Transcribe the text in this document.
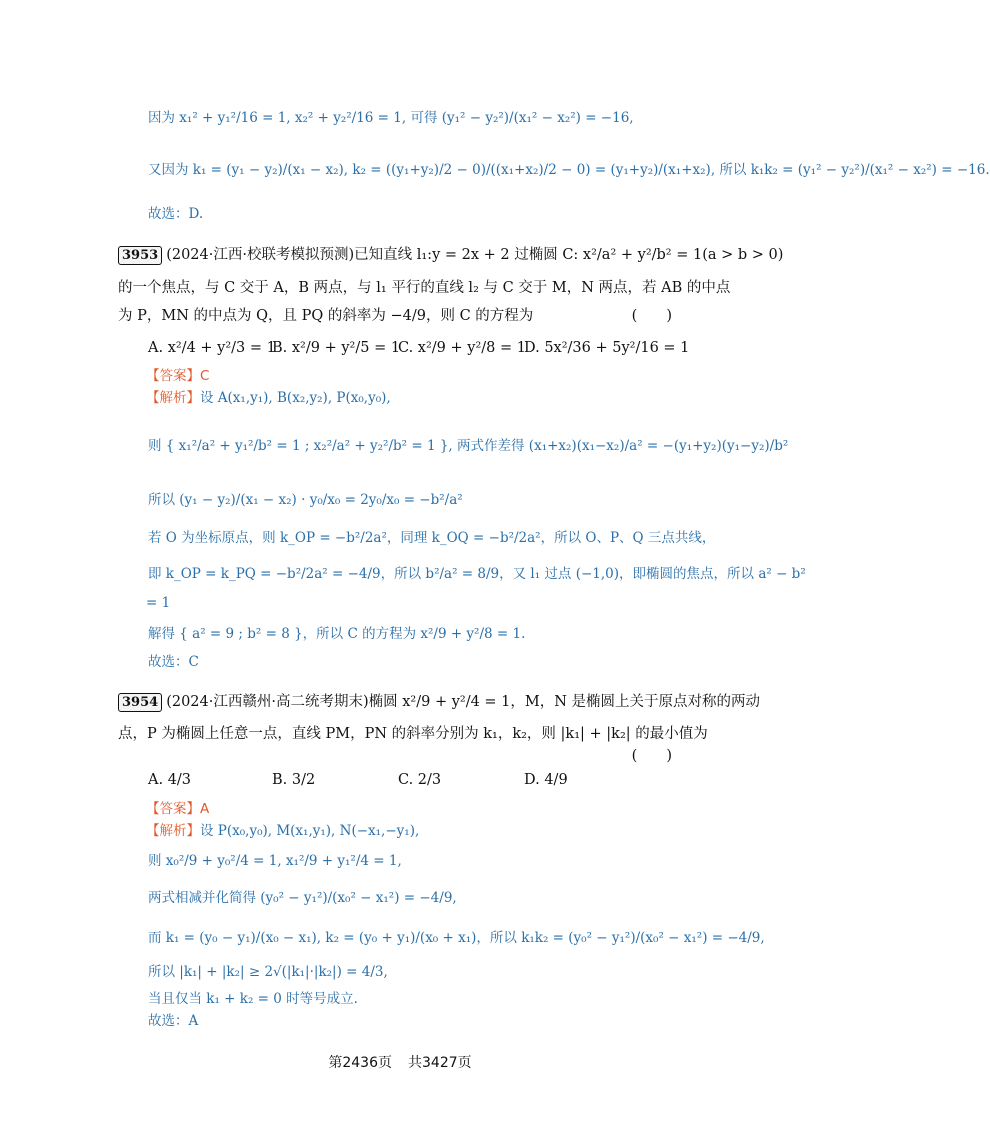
因为 x₁² + y₁²/16 = 1, x₂² + y₂²/16 = 1, 可得 (y₁² − y₂²)/(x₁² − x₂²) = −16,
又因为 k₁ = (y₁ − y₂)/(x₁ − x₂), k₂ = ((y₁+y₂)/2 − 0)/((x₁+x₂)/2 − 0) = (y₁+y₂)/(x₁+x₂), 所以 k₁k₂ = (y₁² − y₂²)/(x₁² − x₂²) = −16.
故选：D.
3953 (2024·江西·校联考模拟预测)已知直线 l₁:y = 2x + 2 过椭圆 C: x²/a² + y²/b² = 1(a > b > 0)
的一个焦点，与 C 交于 A，B 两点，与 l₁ 平行的直线 l₂ 与 C 交于 M，N 两点，若 AB 的中点
为 P，MN 的中点为 Q，且 PQ 的斜率为 −4/9，则 C 的方程为	(　　)
A. x²/4 + y²/3 = 1
B. x²/9 + y²/5 = 1
C. x²/9 + y²/8 = 1
D. 5x²/36 + 5y²/16 = 1
【答案】C
【解析】设 A(x₁,y₁), B(x₂,y₂), P(x₀,y₀),
则 { x₁²/a² + y₁²/b² = 1 ; x₂²/a² + y₂²/b² = 1 }, 两式作差得 (x₁+x₂)(x₁−x₂)/a² = −(y₁+y₂)(y₁−y₂)/b²
所以 (y₁ − y₂)/(x₁ − x₂) · y₀/x₀ = 2y₀/x₀ = −b²/a²
若 O 为坐标原点，则 k_OP = −b²/2a²，同理 k_OQ = −b²/2a²，所以 O、P、Q 三点共线，
即 k_OP = k_PQ = −b²/2a² = −4/9，所以 b²/a² = 8/9，又 l₁ 过点 (−1,0)，即椭圆的焦点，所以 a² − b²
= 1
解得 { a² = 9 ; b² = 8 }，所以 C 的方程为 x²/9 + y²/8 = 1.
故选：C
3954 (2024·江西赣州·高二统考期末)椭圆 x²/9 + y²/4 = 1，M，N 是椭圆上关于原点对称的两动
点，P 为椭圆上任意一点，直线 PM，PN 的斜率分别为 k₁，k₂，则 |k₁| + |k₂| 的最小值为
(　　)
A. 4/3	B. 3/2	C. 2/3	D. 4/9
【答案】A
【解析】设 P(x₀,y₀), M(x₁,y₁), N(−x₁,−y₁),
则 x₀²/9 + y₀²/4 = 1, x₁²/9 + y₁²/4 = 1,
两式相减并化简得 (y₀² − y₁²)/(x₀² − x₁²) = −4/9,
而 k₁ = (y₀ − y₁)/(x₀ − x₁), k₂ = (y₀ + y₁)/(x₀ + x₁)，所以 k₁k₂ = (y₀² − y₁²)/(x₀² − x₁²) = −4/9,
所以 |k₁| + |k₂| ≥ 2√(|k₁|·|k₂|) = 4/3,
当且仅当 k₁ + k₂ = 0 时等号成立.
故选：A
第2436页 共3427页
